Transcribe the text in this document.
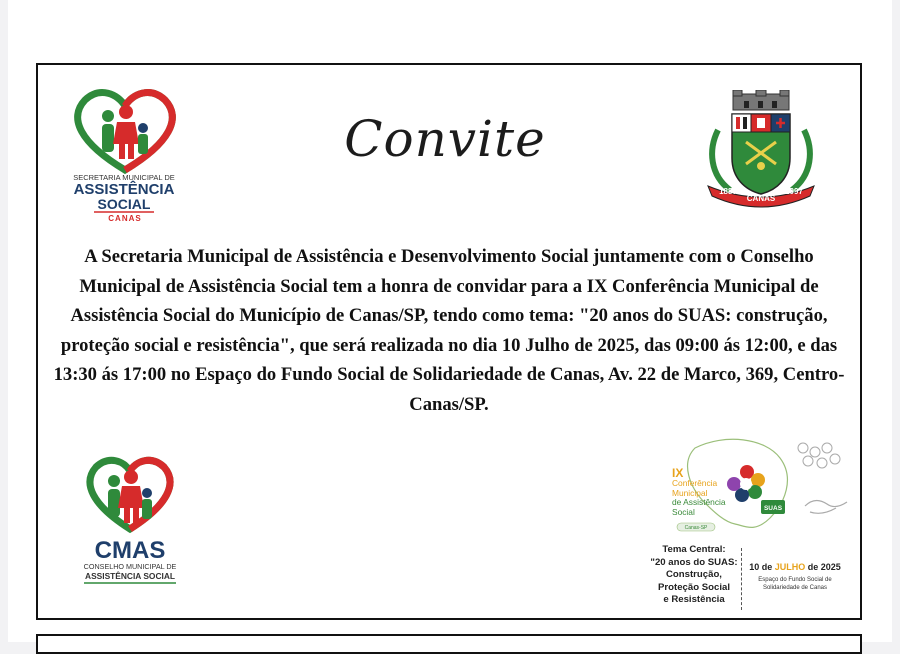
SECRETARIA MUNICIPAL DE
ASSISTÊNCIA
SOCIAL
CANAS
Convite
1887
CANAS
1997
A Secretaria Municipal de Assistência e Desenvolvimento Social juntamente com o Conselho Municipal de Assistência Social tem a honra de convidar para a IX Conferência Municipal de Assistência Social do Município de Canas/SP, tendo como tema: "20 anos do SUAS: construção, proteção social e resistência", que será realizada no dia 10 Julho de 2025, das 09:00 ás 12:00, e das 13:30 ás 17:00 no Espaço do Fundo Social de Solidariedade de Canas, Av. 22 de Marco, 369, Centro-Canas/SP.
CMAS
CONSELHO MUNICIPAL DE
ASSISTÊNCIA SOCIAL
SUAS
Canas-SP
IX
Conferência
Municipal
de Assistência
Social
Tema Central:
"20 anos do SUAS:
Construção,
Proteção Social
e Resistência
10 de JULHO de 2025
Espaço do Fundo Social de
Solidariedade de Canas
